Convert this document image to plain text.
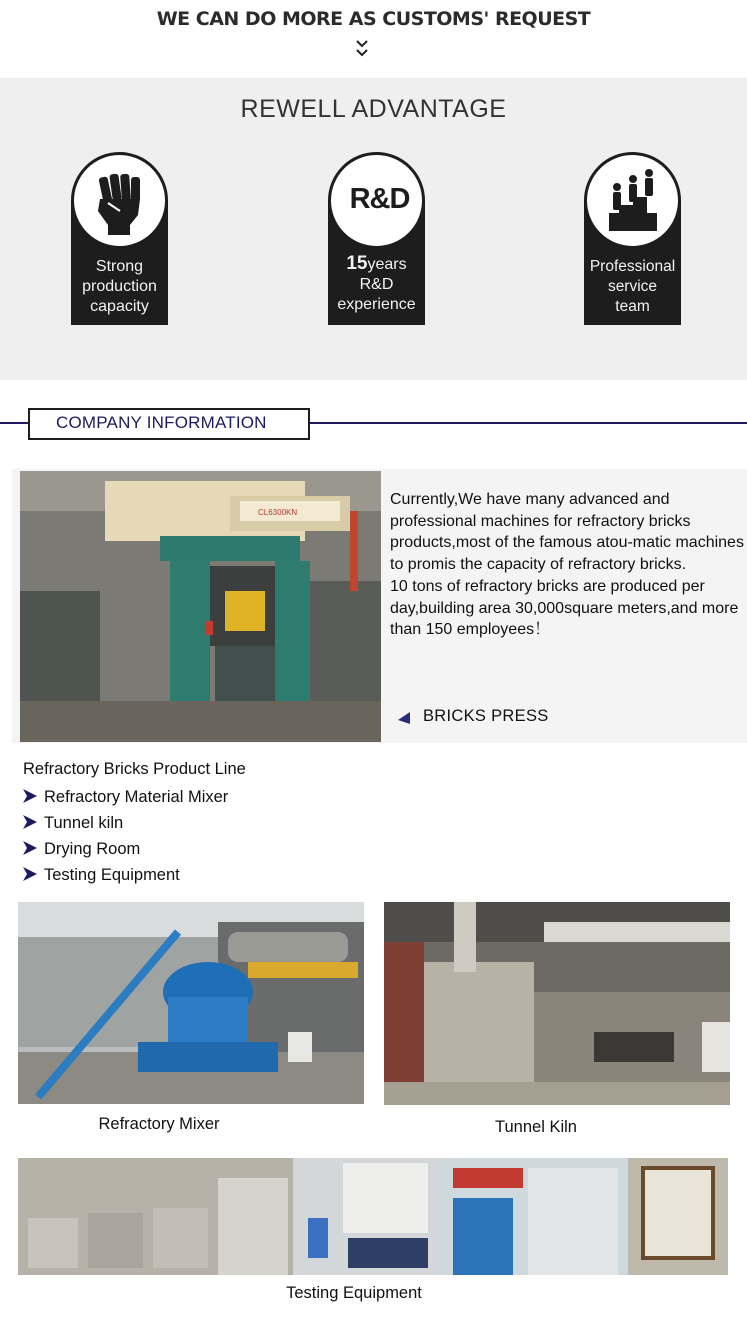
WE CAN DO MORE AS CUSTOMS' REQUEST
REWELL ADVANTAGE
Strong
production
capacity
R&D
15years
R&D
experience
Professional
service
team
COMPANY INFORMATION
CL6300KN
Currently,We have many advanced and professional machines for refractory bricks products,most of the famous atou-matic machines to promis the capacity of refractory bricks.
10 tons of refractory bricks are produced per day,building area 30,000square meters,and more than 150 employees！
BRICKS PRESS
Refractory Bricks Product Line
Refractory Material Mixer
Tunnel kiln
Drying Room
Testing Equipment
Refractory Mixer	Tunnel Kiln
Testing Equipment
